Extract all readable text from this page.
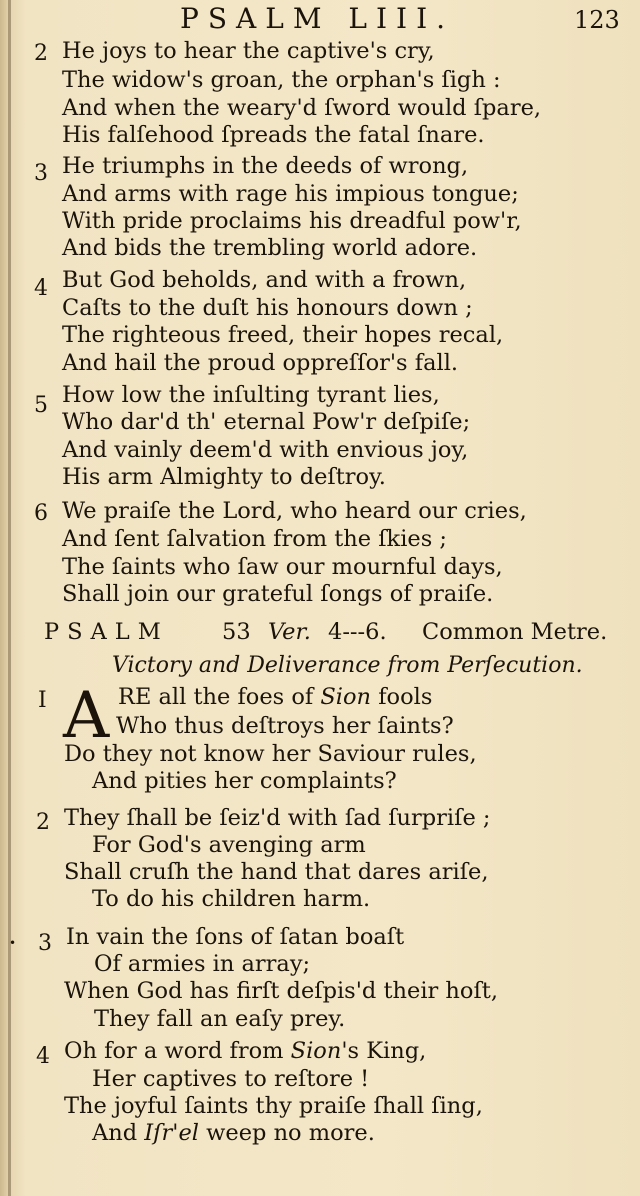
PSALM LIII.	123
2 He joys to hear the captive's cry,
The widow's groan, the orphan's ſigh :
And when the weary'd ſword would ſpare,
His falſehood ſpreads the fatal ſnare.
3 He triumphs in the deeds of wrong,
And arms with rage his impious tongue;
With pride proclaims his dreadful pow'r,
And bids the trembling world adore.
4 But God beholds, and with a frown,
Caſts to the duſt his honours down ;
The righteous freed, their hopes recal,
And hail the proud oppreſſor's fall.
5 How low the inſulting tyrant lies,
Who dar'd th' eternal Pow'r deſpiſe;
And vainly deem'd with envious joy,
His arm Almighty to deſtroy.
6 We praiſe the Lord, who heard our cries,
And ſent ſalvation from the ſkies ;
The ſaints who ſaw our mournful days,
Shall join our grateful ſongs of praiſe.
PSALM 53 Ver. 4---6. Common Metre.
Victory and Deliverance from Perſecution.
I A RE all the foes of Sion fools
Who thus deſtroys her ſaints?
Do they not know her Saviour rules,
And pities her complaints?
2 They ſhall be ſeiz'd with ſad ſurpriſe ;
For God's avenging arm
Shall cruſh the hand that dares ariſe,
To do his children harm.
• 3 In vain the ſons of ſatan boaſt
Of armies in array;
When God has firſt deſpis'd their hoſt,
They fall an eaſy prey.
4 Oh for a word from Sion's King,
Her captives to reſtore !
The joyful ſaints thy praiſe ſhall ſing,
And Iſr'el weep no more.
